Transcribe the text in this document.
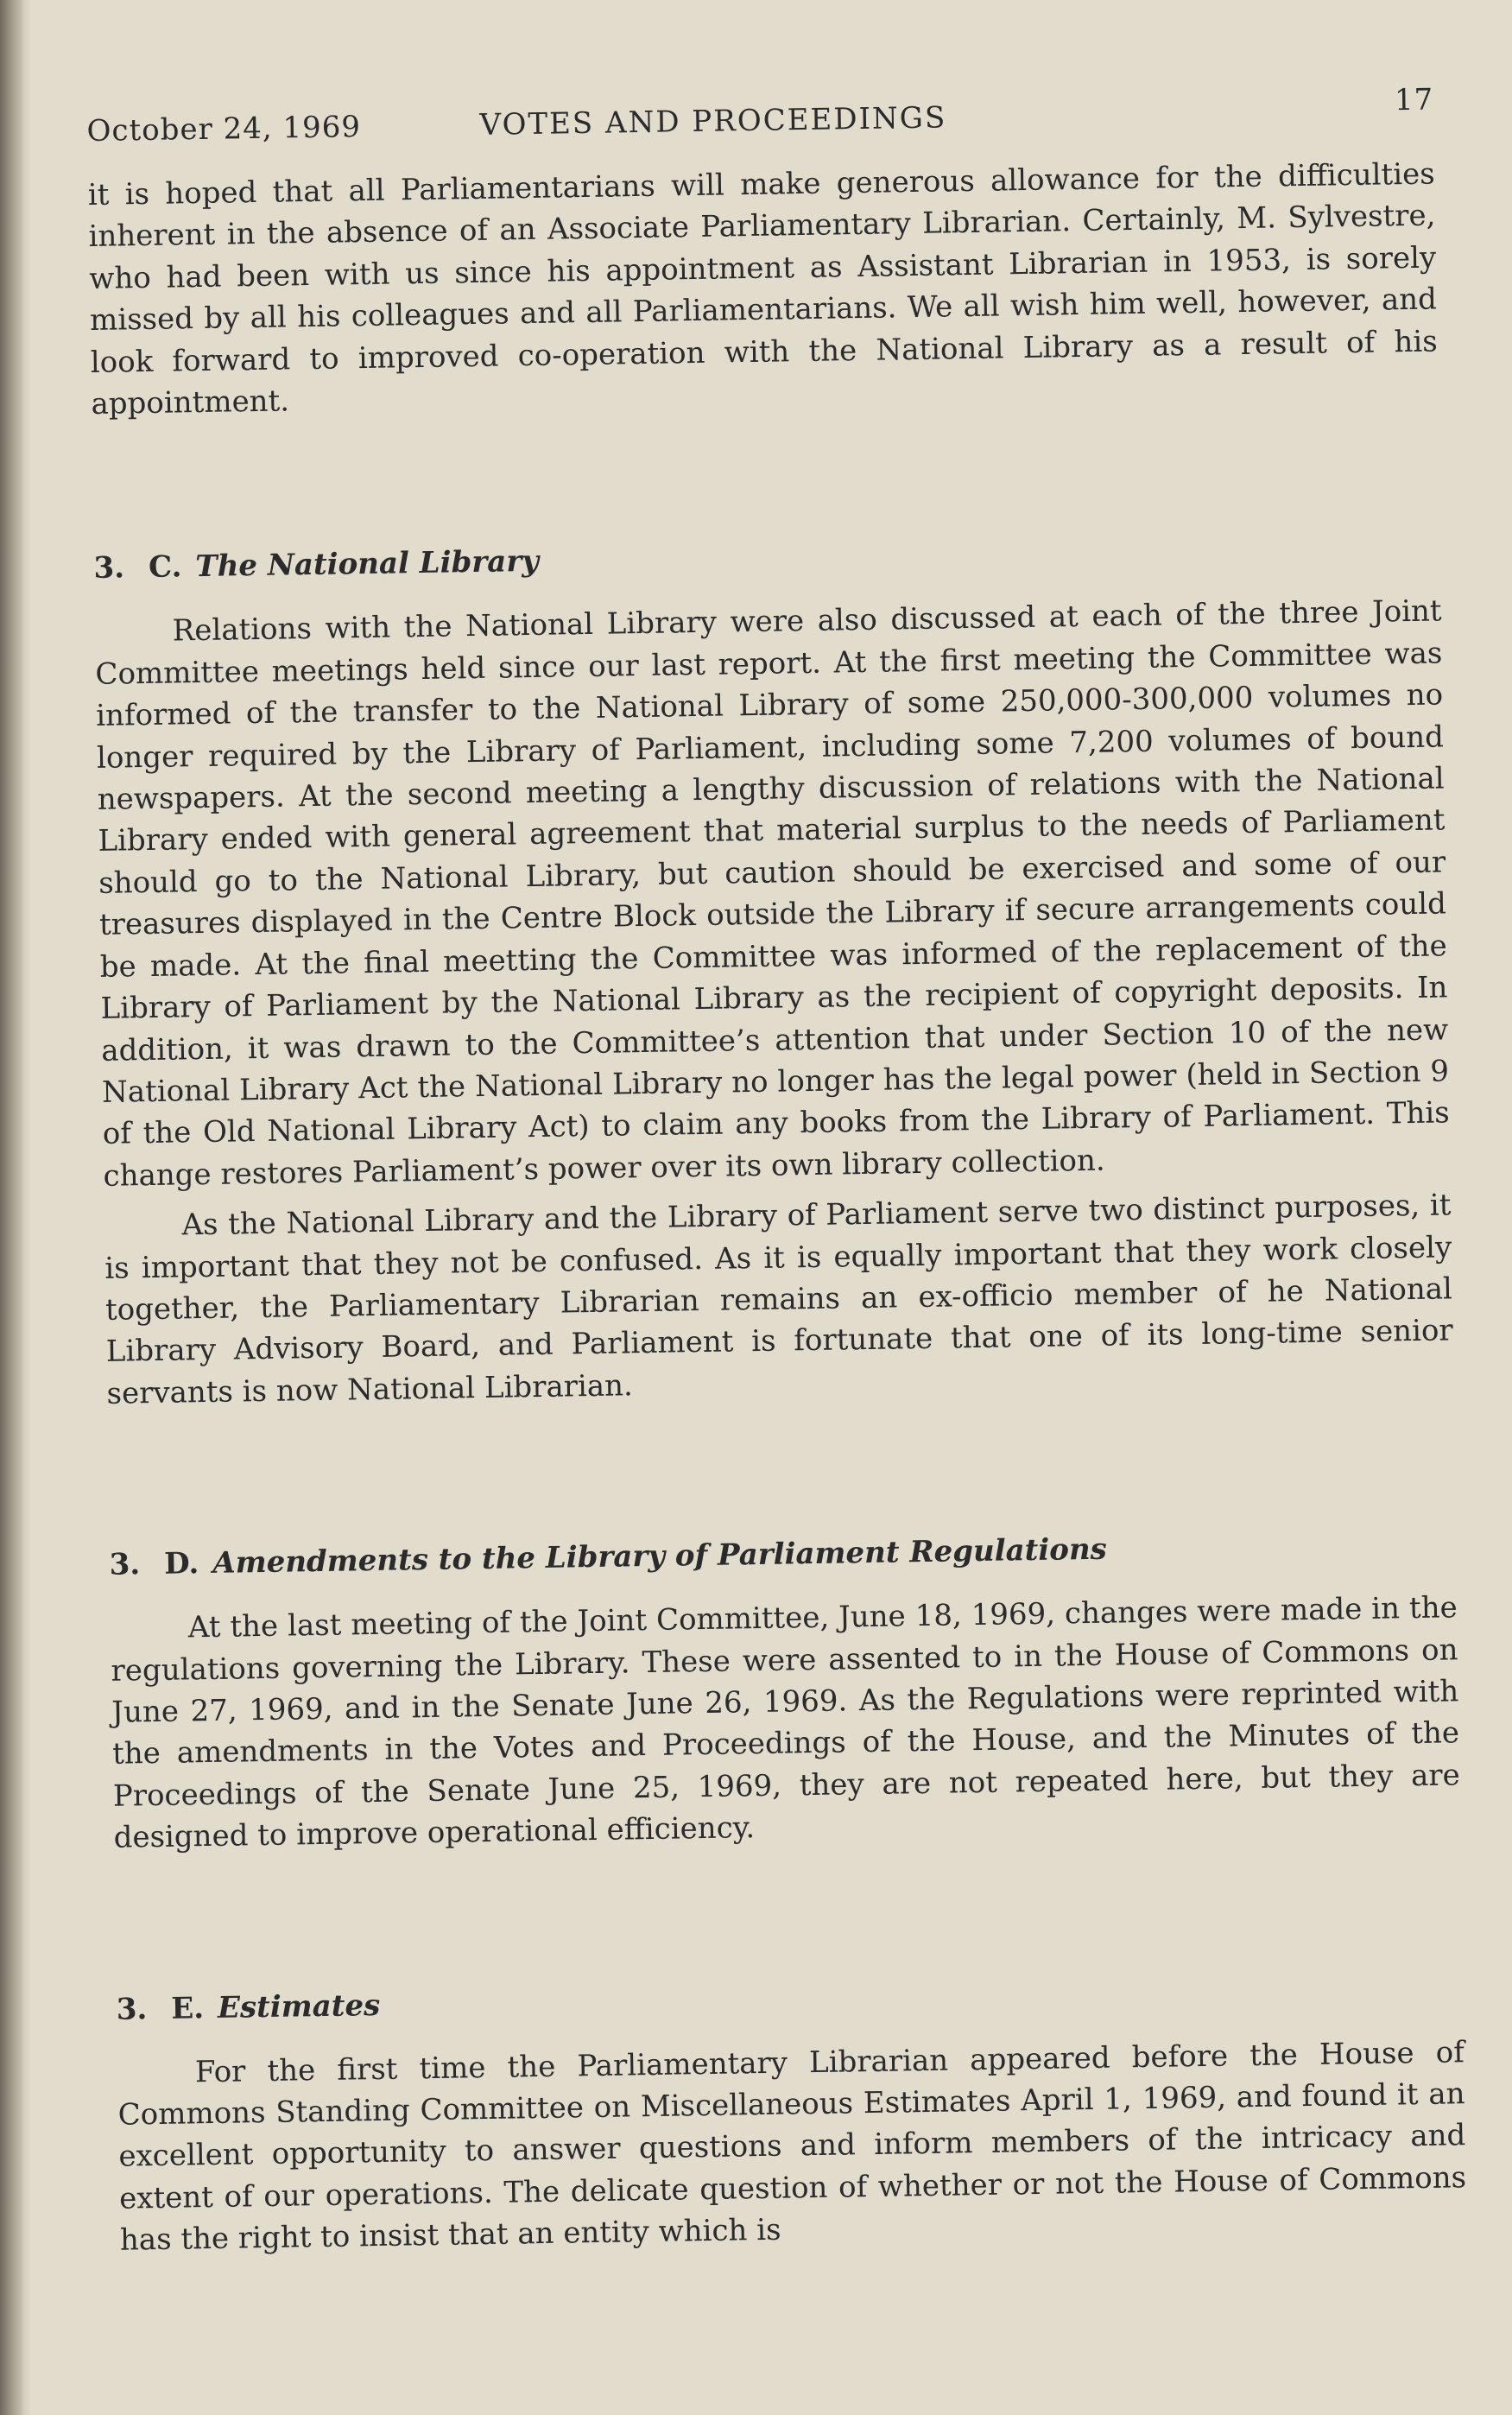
October 24, 1969	VOTES AND PROCEEDINGS
17

it is hoped that all Parliamentarians will make generous allowance for the difficulties inherent in the absence of an Associate Parliamentary Librarian. Certainly, M. Sylvestre, who had been with us since his appointment as Assistant Librarian in 1953, is sorely missed by all his colleagues and all Parliamentarians. We all wish him well, however, and look forward to improved co-operation with the National Library as a result of his appointment.

3. C. The National Library

Relations with the National Library were also discussed at each of the three Joint Committee meetings held since our last report. At the first meeting the Committee was informed of the transfer to the National Library of some 250,000-300,000 volumes no longer required by the Library of Parliament, including some 7,200 volumes of bound newspapers. At the second meeting a lengthy discussion of relations with the National Library ended with general agreement that material surplus to the needs of Parliament should go to the National Library, but caution should be exercised and some of our treasures displayed in the Centre Block outside the Library if secure arrangements could be made. At the final meetting the Committee was informed of the replacement of the Library of Parliament by the National Library as the recipient of copyright deposits. In addition, it was drawn to the Committee’s attention that under Section 10 of the new National Library Act the National Library no longer has the legal power (held in Section 9 of the Old National Library Act) to claim any books from the Library of Parliament. This change restores Parliament’s power over its own library collection.

As the National Library and the Library of Parliament serve two distinct purposes, it is important that they not be confused. As it is equally important that they work closely together, the Parliamentary Librarian remains an ex-officio member of he National Library Advisory Board, and Parliament is fortunate that one of its long-time senior servants is now National Librarian.

3. D. Amendments to the Library of Parliament Regulations

At the last meeting of the Joint Committee, June 18, 1969, changes were made in the regulations governing the Library. These were assented to in the House of Commons on June 27, 1969, and in the Senate June 26, 1969. As the Regulations were reprinted with the amendments in the Votes and Proceedings of the House, and the Minutes of the Proceedings of the Senate June 25, 1969, they are not repeated here, but they are designed to improve operational efficiency.

3. E. Estimates

For the first time the Parliamentary Librarian appeared before the House of Commons Standing Committee on Miscellaneous Estimates April 1, 1969, and found it an excellent opportunity to answer questions and inform members of the intricacy and extent of our operations. The delicate question of whether or not the House of Commons has the right to insist that an entity which is
